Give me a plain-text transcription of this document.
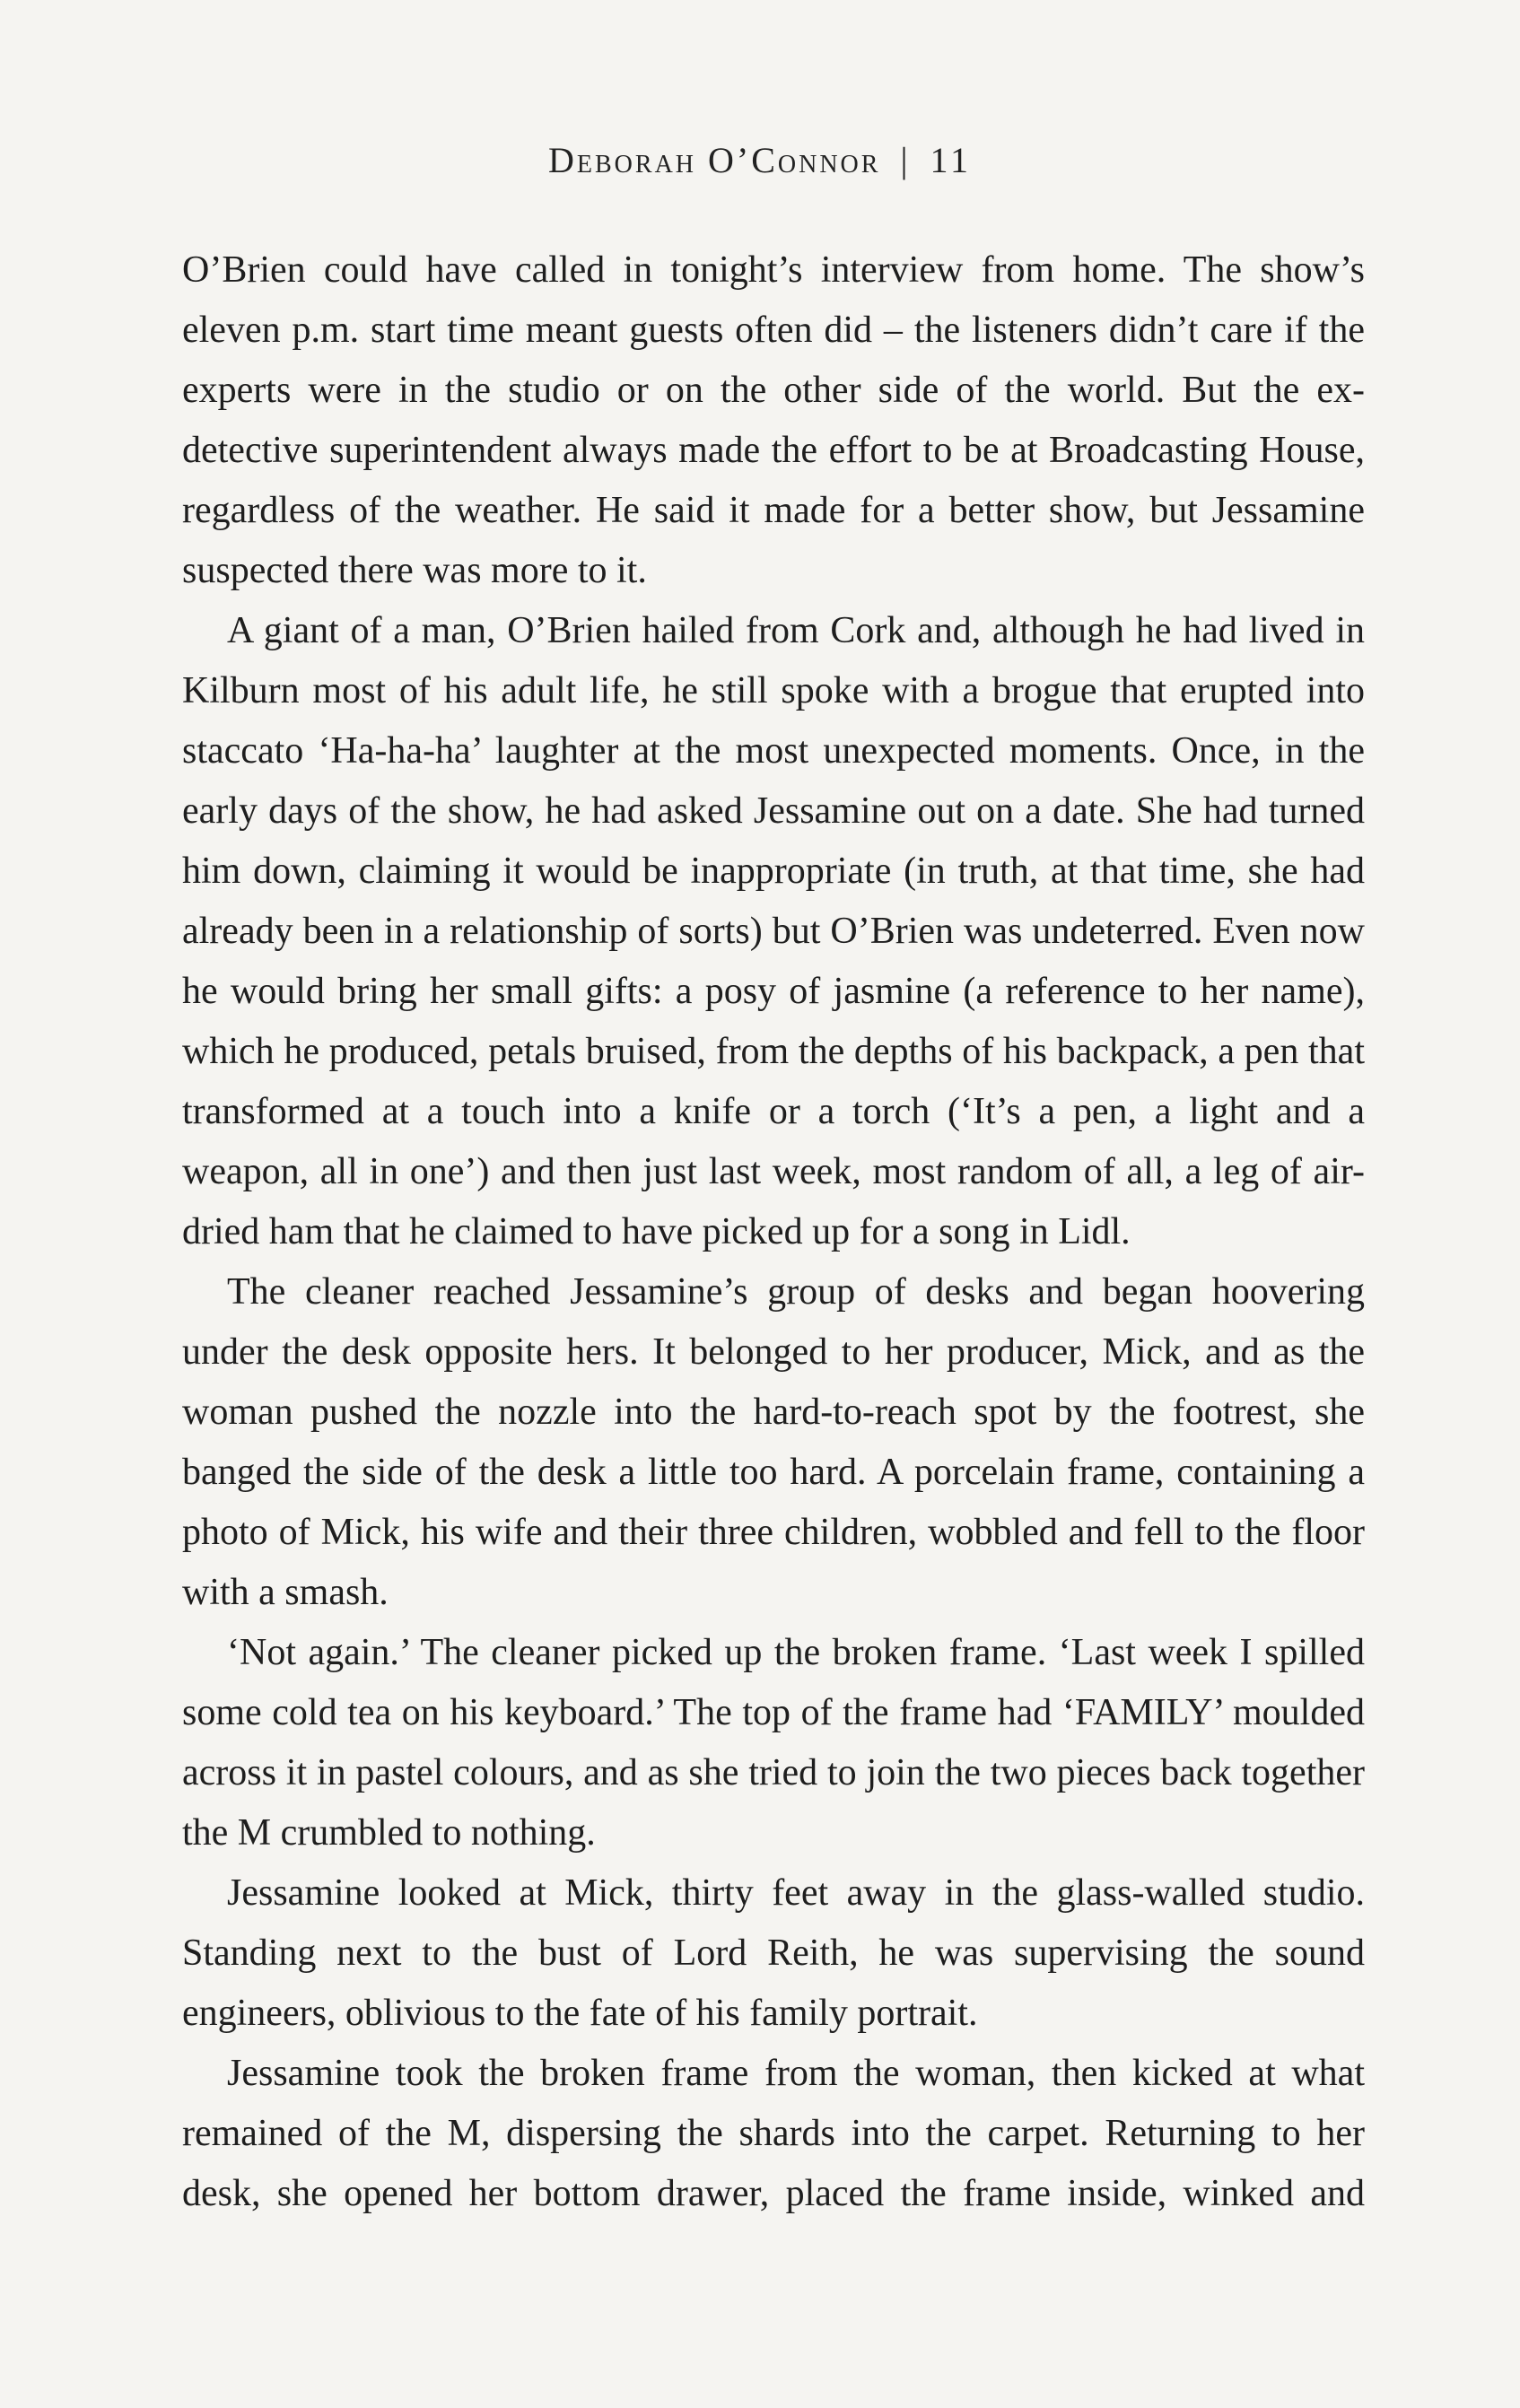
Deborah O’Connor | 11

O’Brien could have called in tonight’s interview from home. The show’s eleven p.m. start time meant guests often did – the listeners didn’t care if the experts were in the studio or on the other side of the world. But the ex-detective superintendent always made the effort to be at Broadcasting House, regardless of the weather. He said it made for a better show, but Jessamine suspected there was more to it.

A giant of a man, O’Brien hailed from Cork and, although he had lived in Kilburn most of his adult life, he still spoke with a brogue that erupted into staccato ‘Ha-ha-ha’ laughter at the most unexpected moments. Once, in the early days of the show, he had asked Jessamine out on a date. She had turned him down, claiming it would be inappropriate (in truth, at that time, she had already been in a relationship of sorts) but O’Brien was undeterred. Even now he would bring her small gifts: a posy of jasmine (a reference to her name), which he produced, petals bruised, from the depths of his backpack, a pen that transformed at a touch into a knife or a torch (‘It’s a pen, a light and a weapon, all in one’) and then just last week, most random of all, a leg of air-dried ham that he claimed to have picked up for a song in Lidl.

The cleaner reached Jessamine’s group of desks and began hoovering under the desk opposite hers. It belonged to her producer, Mick, and as the woman pushed the nozzle into the hard-to-reach spot by the footrest, she banged the side of the desk a little too hard. A porcelain frame, containing a photo of Mick, his wife and their three children, wobbled and fell to the floor with a smash.

‘Not again.’ The cleaner picked up the broken frame. ‘Last week I spilled some cold tea on his keyboard.’ The top of the frame had ‘FAMILY’ moulded across it in pastel colours, and as she tried to join the two pieces back together the M crumbled to nothing.

Jessamine looked at Mick, thirty feet away in the glass-walled studio. Standing next to the bust of Lord Reith, he was supervising the sound engineers, oblivious to the fate of his family portrait.

Jessamine took the broken frame from the woman, then kicked at what remained of the M, dispersing the shards into the carpet. Returning to her desk, she opened her bottom drawer, placed the frame inside, winked and
